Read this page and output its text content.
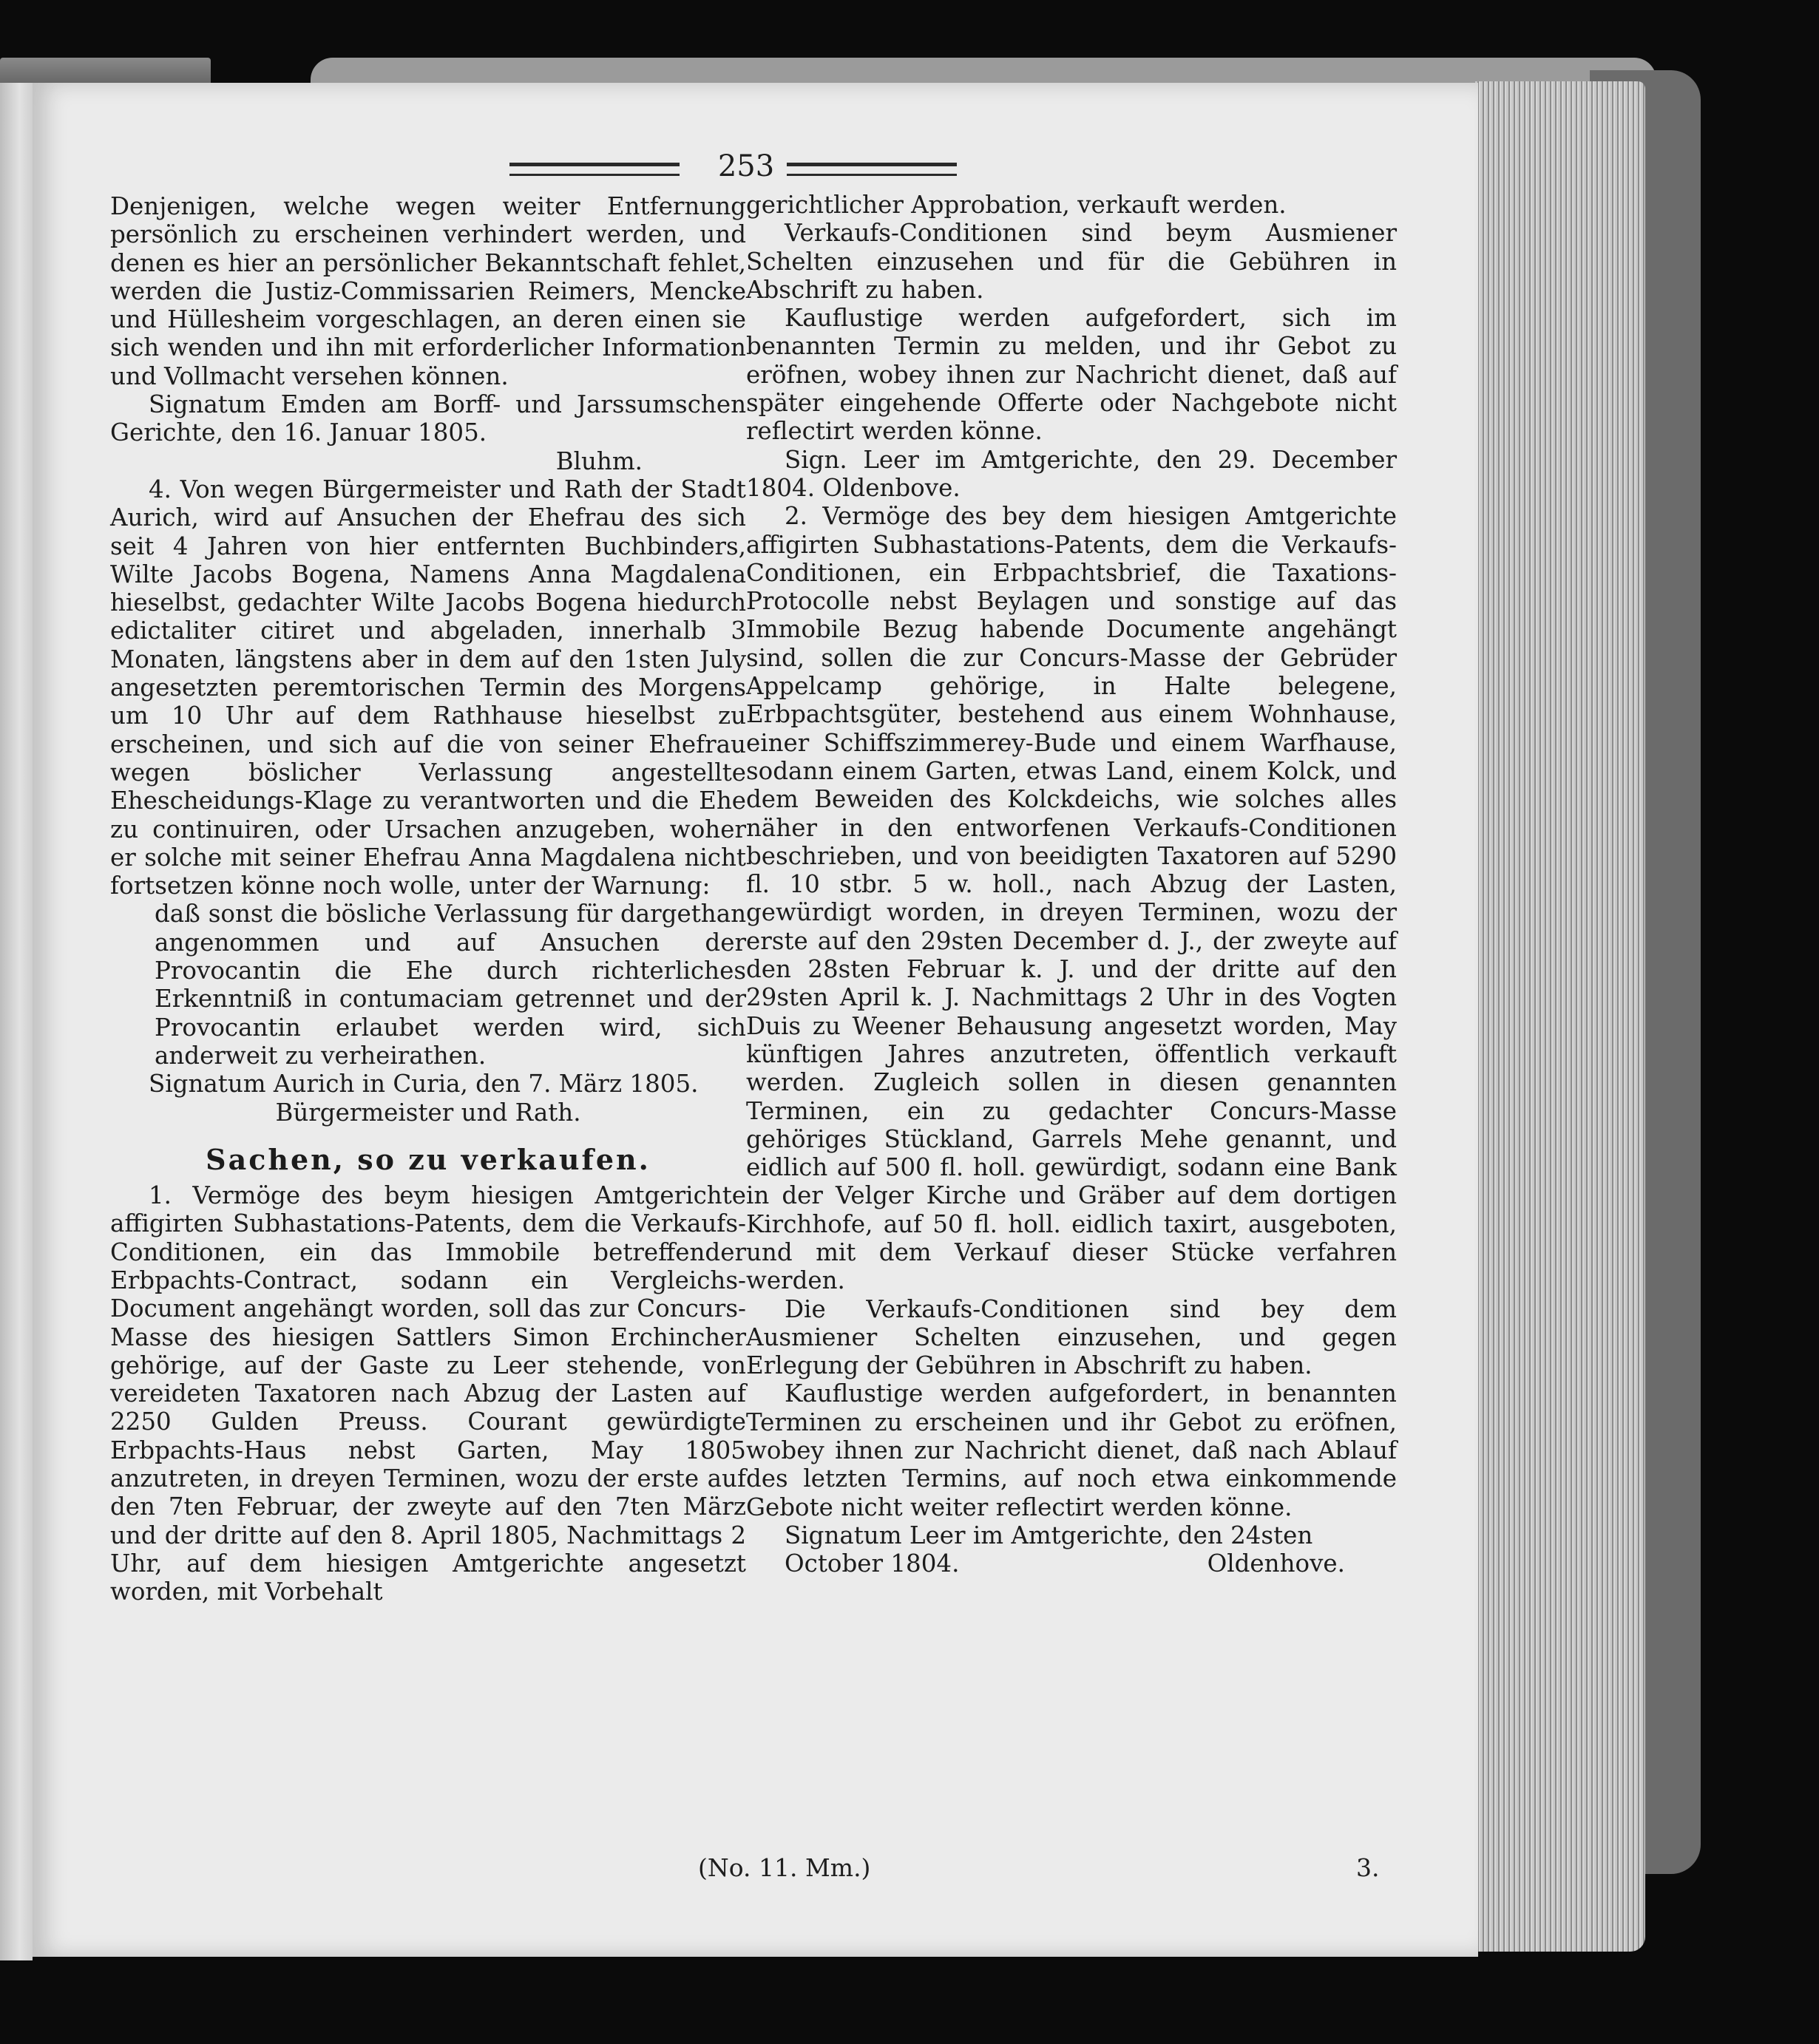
253

Denjenigen, welche wegen weiter Entfernung persönlich zu erscheinen verhindert werden, und denen es hier an persönlicher Bekanntschaft fehlet, werden die Justiz-Commissarien Reimers, Mencke und Hüllesheim vorgeschlagen, an deren einen sie sich wenden und ihn mit erforderlicher Information und Vollmacht versehen können.

Signatum Emden am Borff- und Jarssumschen Gerichte, den 16. Januar 1805.

Bluhm.

4. Von wegen Bürgermeister und Rath der Stadt Aurich, wird auf Ansuchen der Ehefrau des sich seit 4 Jahren von hier entfernten Buchbinders, Wilte Jacobs Bogena, Namens Anna Magdalena hieselbst, gedachter Wilte Jacobs Bogena hiedurch edictaliter citiret und abgeladen, innerhalb 3 Monaten, längstens aber in dem auf den 1sten July angesetzten peremtorischen Termin des Morgens um 10 Uhr auf dem Rathhause hieselbst zu erscheinen, und sich auf die von seiner Ehefrau wegen böslicher Verlassung angestellte Ehescheidungs-Klage zu verantworten und die Ehe zu continuiren, oder Ursachen anzugeben, woher er solche mit seiner Ehefrau Anna Magdalena nicht fortsetzen könne noch wolle, unter der Warnung:

daß sonst die bösliche Verlassung für dargethan angenommen und auf Ansuchen der Provocantin die Ehe durch richterliches Erkenntniß in contumaciam getrennet und der Provocantin erlaubet werden wird, sich anderweit zu verheirathen.

Signatum Aurich in Curia, den 7. März 1805.

Bürgermeister und Rath.

Sachen, so zu verkaufen.

1. Vermöge des beym hiesigen Amtgerichte affigirten Subhastations-Patents, dem die Verkaufs-Conditionen, ein das Immobile betreffender Erbpachts-Contract, sodann ein Vergleichs-Document angehängt worden, soll das zur Concurs-Masse des hiesigen Sattlers Simon Erchincher gehörige, auf der Gaste zu Leer stehende, von vereideten Taxatoren nach Abzug der Lasten auf 2250 Gulden Preuss. Courant gewürdigte Erbpachts-Haus nebst Garten, May 1805 anzutreten, in dreyen Terminen, wozu der erste auf den 7ten Februar, der zweyte auf den 7ten März und der dritte auf den 8. April 1805, Nachmittags 2 Uhr, auf dem hiesigen Amtgerichte angesetzt worden, mit Vorbehalt

gerichtlicher Approbation, verkauft werden.

Verkaufs-Conditionen sind beym Ausmiener Schelten einzusehen und für die Gebühren in Abschrift zu haben.

Kauflustige werden aufgefordert, sich im benannten Termin zu melden, und ihr Gebot zu eröfnen, wobey ihnen zur Nachricht dienet, daß auf später eingehende Offerte oder Nachgebote nicht reflectirt werden könne.

Sign. Leer im Amtgerichte, den 29. December 1804. Oldenbove.

2. Vermöge des bey dem hiesigen Amtgerichte affigirten Subhastations-Patents, dem die Verkaufs-Conditionen, ein Erbpachtsbrief, die Taxations-Protocolle nebst Beylagen und sonstige auf das Immobile Bezug habende Documente angehängt sind, sollen die zur Concurs-Masse der Gebrüder Appelcamp gehörige, in Halte belegene, Erbpachtsgüter, bestehend aus einem Wohnhause, einer Schiffszimmerey-Bude und einem Warfhause, sodann einem Garten, etwas Land, einem Kolck, und dem Beweiden des Kolckdeichs, wie solches alles näher in den entworfenen Verkaufs-Conditionen beschrieben, und von beeidigten Taxatoren auf 5290 fl. 10 stbr. 5 w. holl., nach Abzug der Lasten, gewürdigt worden, in dreyen Terminen, wozu der erste auf den 29sten December d. J., der zweyte auf den 28sten Februar k. J. und der dritte auf den 29sten April k. J. Nachmittags 2 Uhr in des Vogten Duis zu Weener Behausung angesetzt worden, May künftigen Jahres anzutreten, öffentlich verkauft werden. Zugleich sollen in diesen genannten Terminen, ein zu gedachter Concurs-Masse gehöriges Stückland, Garrels Mehe genannt, und eidlich auf 500 fl. holl. gewürdigt, sodann eine Bank in der Velger Kirche und Gräber auf dem dortigen Kirchhofe, auf 50 fl. holl. eidlich taxirt, ausgeboten, und mit dem Verkauf dieser Stücke verfahren werden.

Die Verkaufs-Conditionen sind bey dem Ausmiener Schelten einzusehen, und gegen Erlegung der Gebühren in Abschrift zu haben.

Kauflustige werden aufgefordert, in benannten Terminen zu erscheinen und ihr Gebot zu eröfnen, wobey ihnen zur Nachricht dienet, daß nach Ablauf des letzten Termins, auf noch etwa einkommende Gebote nicht weiter reflectirt werden könne.

Signatum Leer im Amtgerichte, den 24sten
October 1804.	Oldenhove.

(No. 11. Mm.)	3.
